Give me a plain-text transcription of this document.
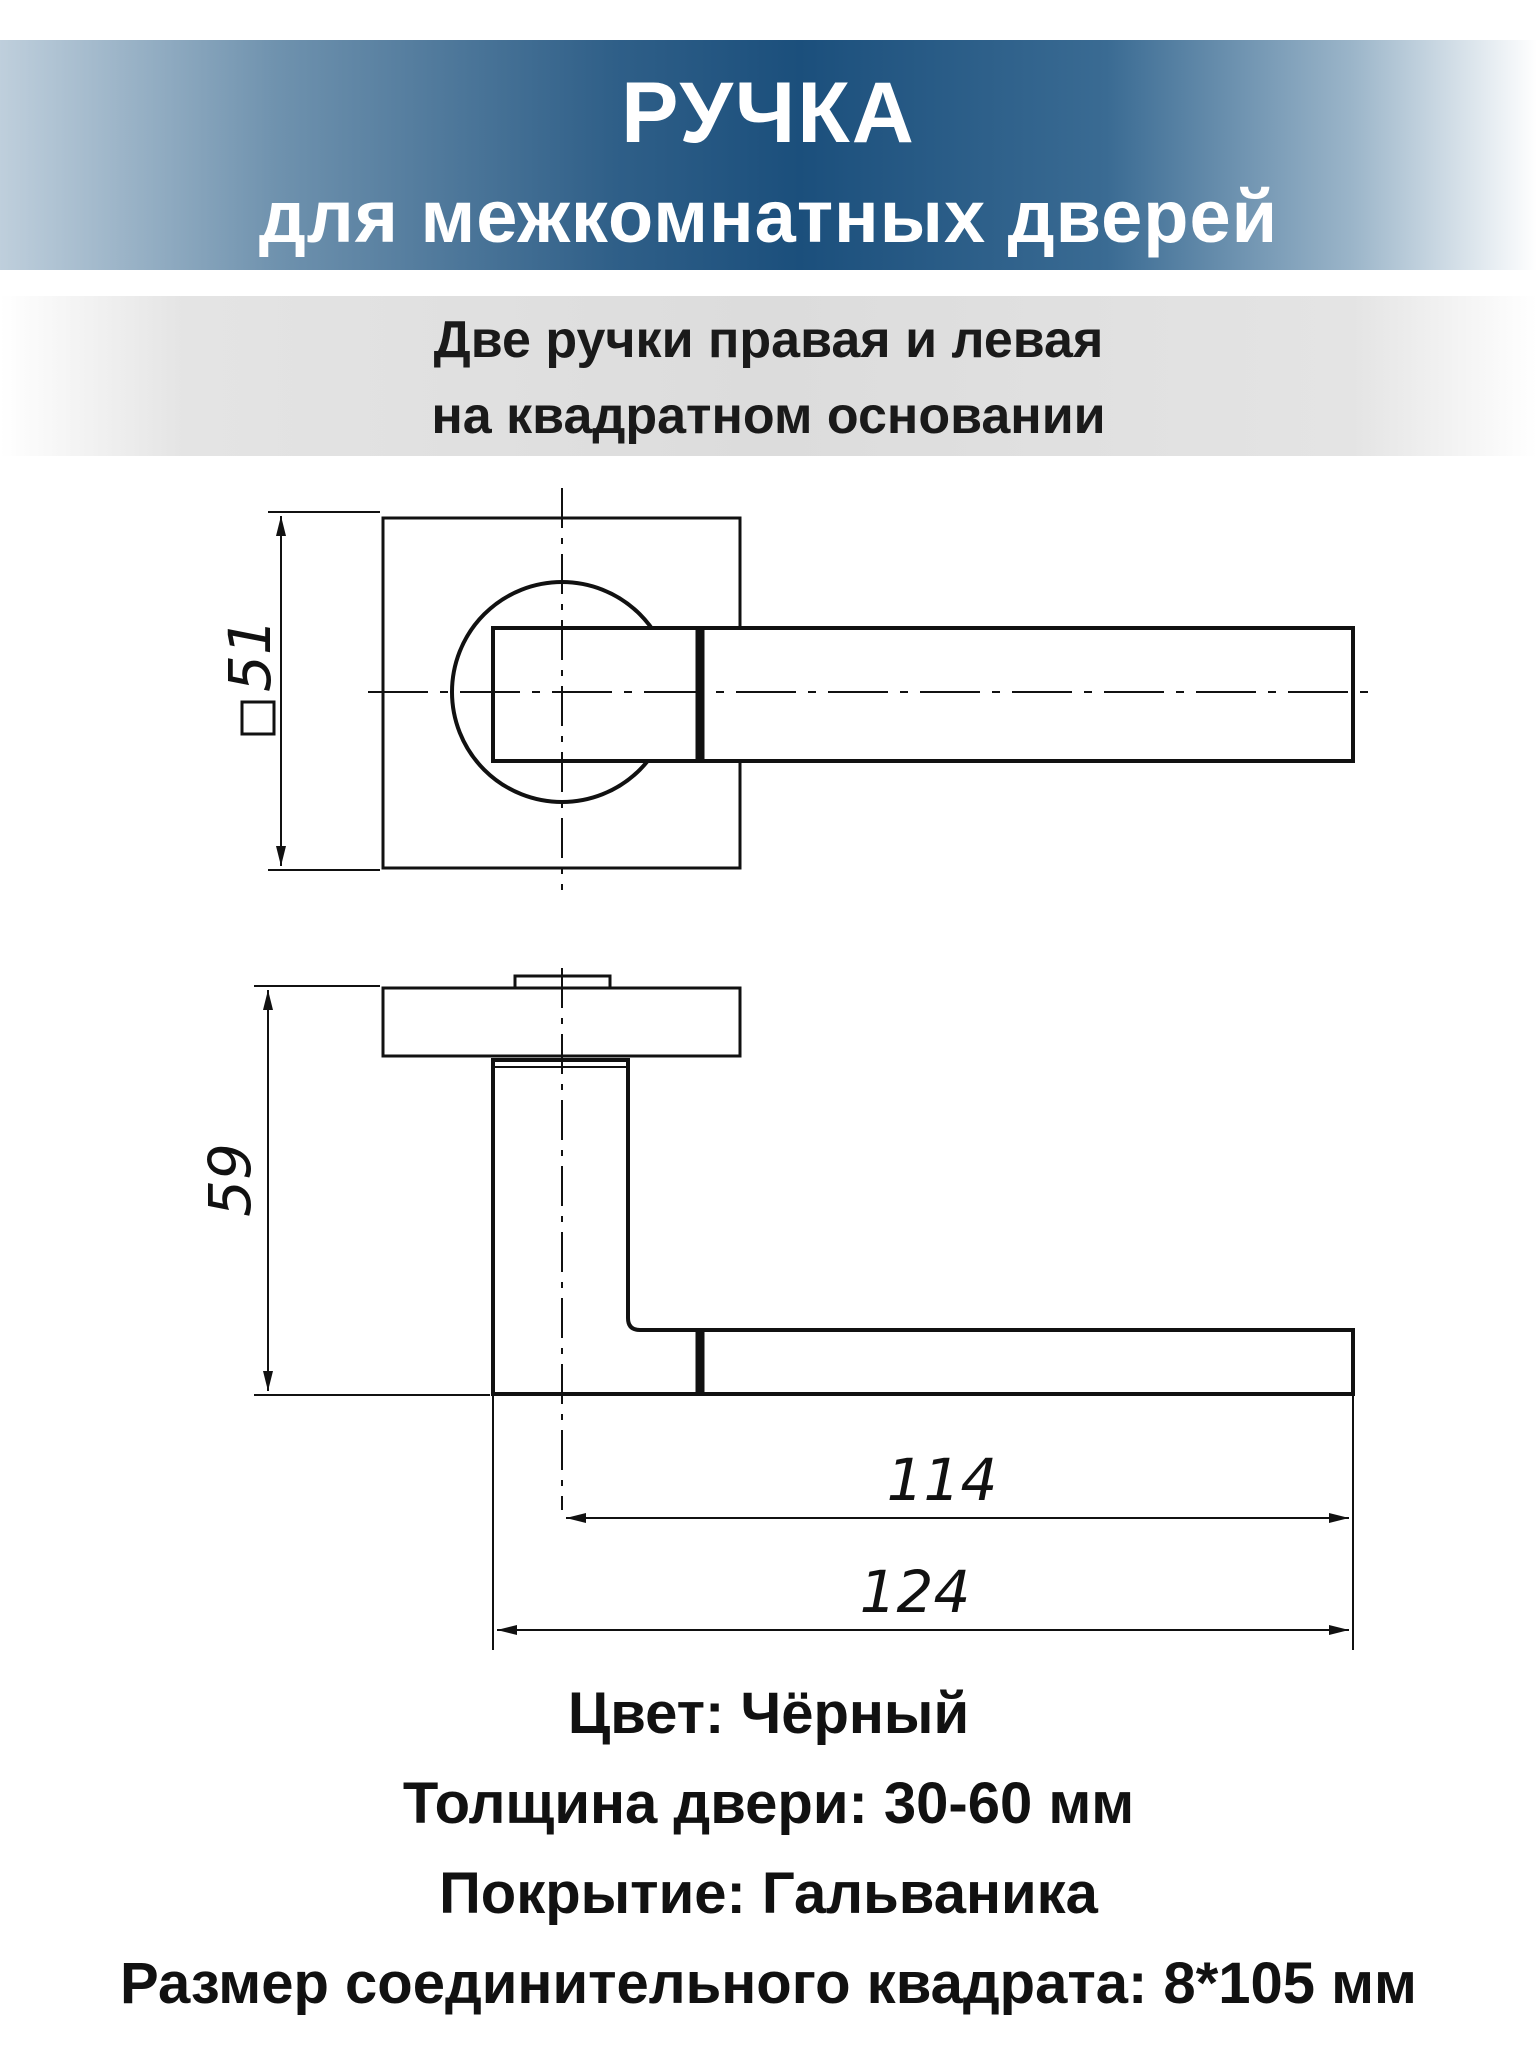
РУЧКА
для межкомнатных дверей
Две ручки правая и левая
на квадратном основании
51
59
114
124
Цвет: Чёрный
Толщина двери: 30-60 мм
Покрытие: Гальваника
Размер соединительного квадрата: 8*105 мм
